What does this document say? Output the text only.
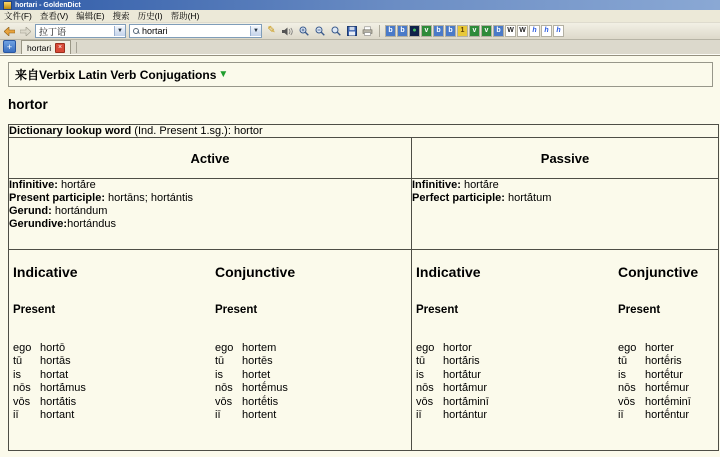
hortari - GoldenDict
文件(F) 查看(V) 编辑(E) 搜索 历史(I) 帮助(H)
拉丁语	▼
hortari	▼ ✎	b	b	●	v	b	b	1	v	v	b W W h	h	h
+	hortari ×
来自Verbix Latin Verb Conjugations ▼
hortor
Dictionary lookup word (Ind. Present 1.sg.): hortor	
Active	Passive

Infinitive: hortā́re
Present participle: hortāns; hortántis
Gerund: hortándum
Gerundive:hortándus

Infinitive: hortā́re
Perfect participle: hortā́tum

Indicative
Present
ego hortō
tū	hortās
is	hortat
nōs hortā́mus
vōs hortā́tis
iī	hortant
Conjunctive
Present
ego hortem
tū	hortēs
is	hortet
nōs hortḗmus
vōs hortḗtis
iī	hortent

Indicative
Present
ego hortor
tū	hortā́ris
is	hortā́tur
nōs hortā́mur
vōs hortā́minī
iī	hortántur
Conjunctive
Present
ego horter
tū	hortḗris
is	hortḗtur
nōs hortḗmur
vōs hortḗminī
iī	hortḗntur
